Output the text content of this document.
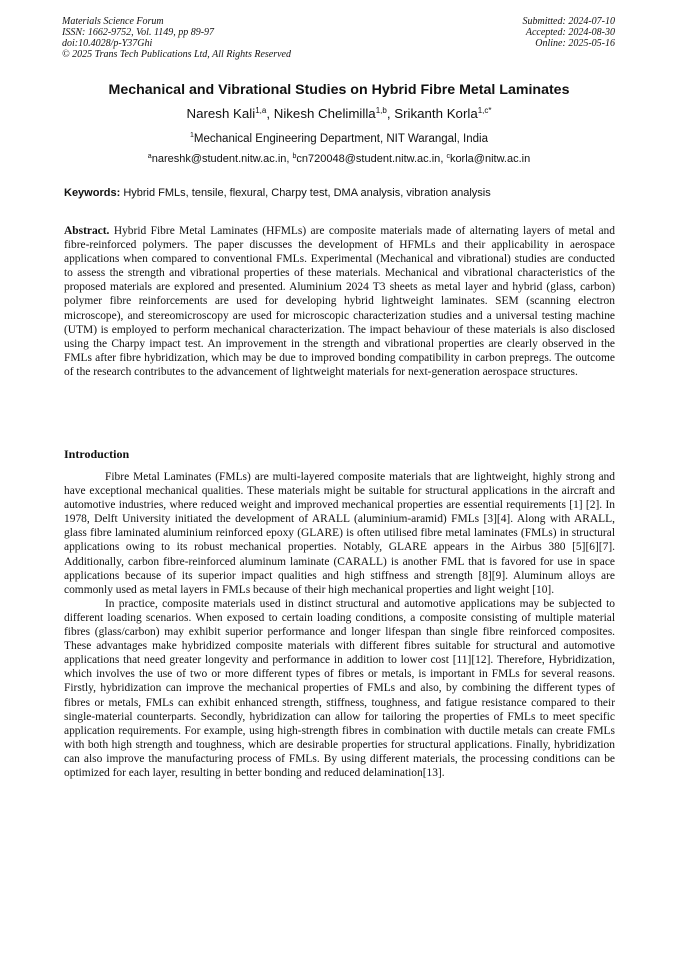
Materials Science Forum
ISSN: 1662-9752, Vol. 1149, pp 89-97
doi:10.4028/p-Y37Ghi
© 2025 Trans Tech Publications Ltd, All Rights Reserved
Submitted: 2024-07-10
Accepted: 2024-08-30
Online: 2025-05-16
Mechanical and Vibrational Studies on Hybrid Fibre Metal Laminates
Naresh Kali$^{1,a}$, Nikesh Chelimilla$^{1,b}$, Srikanth Korla$^{1,c*}$
$^1$Mechanical Engineering Department, NIT Warangal, India
$^a$nareshk@student.nitw.ac.in, $^b$cn720048@student.nitw.ac.in, $^c$korla@nitw.ac.in
Keywords: Hybrid FMLs, tensile, flexural, Charpy test, DMA analysis, vibration analysis

Abstract. Hybrid Fibre Metal Laminates (HFMLs) are composite materials made of alternating layers of metal and fibre-reinforced polymers. The paper discusses the development of HFMLs and their applicability in aerospace applications when compared to conventional FMLs. Experimental (Mechanical and vibrational) studies are conducted to assess the strength and vibrational properties of these materials. Mechanical and vibrational characteristics of the proposed materials are explored and presented. Aluminium 2024 T3 sheets as metal layer and hybrid (glass, carbon) polymer fibre reinforcements are used for developing hybrid lightweight laminates. SEM (scanning electron microscope), and stereomicroscopy are used for microscopic characterization studies and a universal testing machine (UTM) is employed to perform mechanical characterization. The impact behaviour of these materials is also disclosed using the Charpy impact test. An improvement in the strength and vibrational properties are clearly observed in the FMLs after fibre hybridization, which may be due to improved bonding compatibility in carbon prepregs. The outcome of the research contributes to the advancement of lightweight materials for next-generation aerospace structures.

Introduction

Fibre Metal Laminates (FMLs) are multi-layered composite materials that are lightweight, highly strong and have exceptional mechanical qualities. These materials might be suitable for structural applications in the aircraft and automotive industries, where reduced weight and improved mechanical properties are essential requirements [1] [2]. In 1978, Delft University initiated the development of ARALL (aluminium-aramid) FMLs [3][4]. Along with ARALL, glass fibre laminated aluminium reinforced epoxy (GLARE) is often utilised fibre metal laminates (FMLs) in structural applications owing to its robust mechanical properties. Notably, GLARE appears in the Airbus 380 [5][6][7]. Additionally, carbon fibre-reinforced aluminum laminate (CARALL) is another FML that is favored for use in space applications because of its superior impact qualities and high stiffness and strength [8][9]. Aluminum alloys are commonly used as metal layers in FMLs because of their high mechanical properties and light weight [10].

In practice, composite materials used in distinct structural and automotive applications may be subjected to different loading scenarios. When exposed to certain loading conditions, a composite consisting of multiple material fibres (glass/carbon) may exhibit superior performance and longer lifespan than single fibre reinforced composites. These advantages make hybridized composite materials with different fibres suitable for structural and automotive applications that need greater longevity and performance in addition to lower cost [11][12]. Therefore, Hybridization, which involves the use of two or more different types of fibres or metals, is important in FMLs for several reasons. Firstly, hybridization can improve the mechanical properties of FMLs and also, by combining the different types of fibres or metals, FMLs can exhibit enhanced strength, stiffness, toughness, and fatigue resistance compared to their single-material counterparts. Secondly, hybridization can allow for tailoring the properties of FMLs to meet specific application requirements. For example, using high-strength fibres in combination with ductile metals can create FMLs with both high strength and toughness, which are desirable properties for structural applications. Finally, hybridization can also improve the manufacturing process of FMLs. By using different materials, the processing conditions can be optimized for each layer, resulting in better bonding and reduced delamination[13].
